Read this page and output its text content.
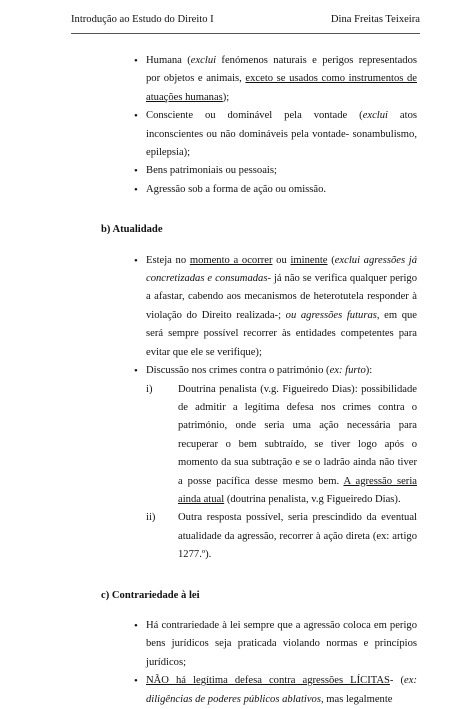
Introdução ao Estudo do Direito I	Dina Freitas Teixeira
• Humana (exclui fenómenos naturais e perigos representados por objetos e animais, exceto se usados como instrumentos de atuações humanas);
• Consciente ou dominável pela vontade (exclui atos inconscientes ou não domináveis pela vontade- sonambulismo, epilepsia);
• Bens patrimoniais ou pessoais;
• Agressão sob a forma de ação ou omissão.
b) Atualidade
• Esteja no momento a ocorrer ou iminente (exclui agressões já concretizadas e consumadas- já não se verifica qualquer perigo a afastar, cabendo aos mecanismos de heterotutela responder à violação do Direito realizada-; ou agressões futuras, em que será sempre possível recorrer às entidades competentes para evitar que ele se verifique);
• Discussão nos crimes contra o património (ex: furto):
i) Doutrina penalista (v.g. Figueiredo Dias): possibilidade de admitir a legítima defesa nos crimes contra o património, onde seria uma ação necessária para recuperar o bem subtraído, se tiver logo após o momento da sua subtração e se o ladrão ainda não tiver a posse pacífica desse mesmo bem. A agressão seria ainda atual (doutrina penalista, v.g Figueiredo Dias).
ii) Outra resposta possível, seria prescindido da eventual atualidade da agressão, recorrer à ação direta (ex: artigo 1277.º).
c) Contrariedade à lei
• Há contrariedade à lei sempre que a agressão coloca em perigo bens jurídicos seja praticada violando normas e princípios jurídicos;
• NÃO há legítima defesa contra agressões LÍCITAS- (ex: diligências de poderes públicos ablativos, mas legalmente
